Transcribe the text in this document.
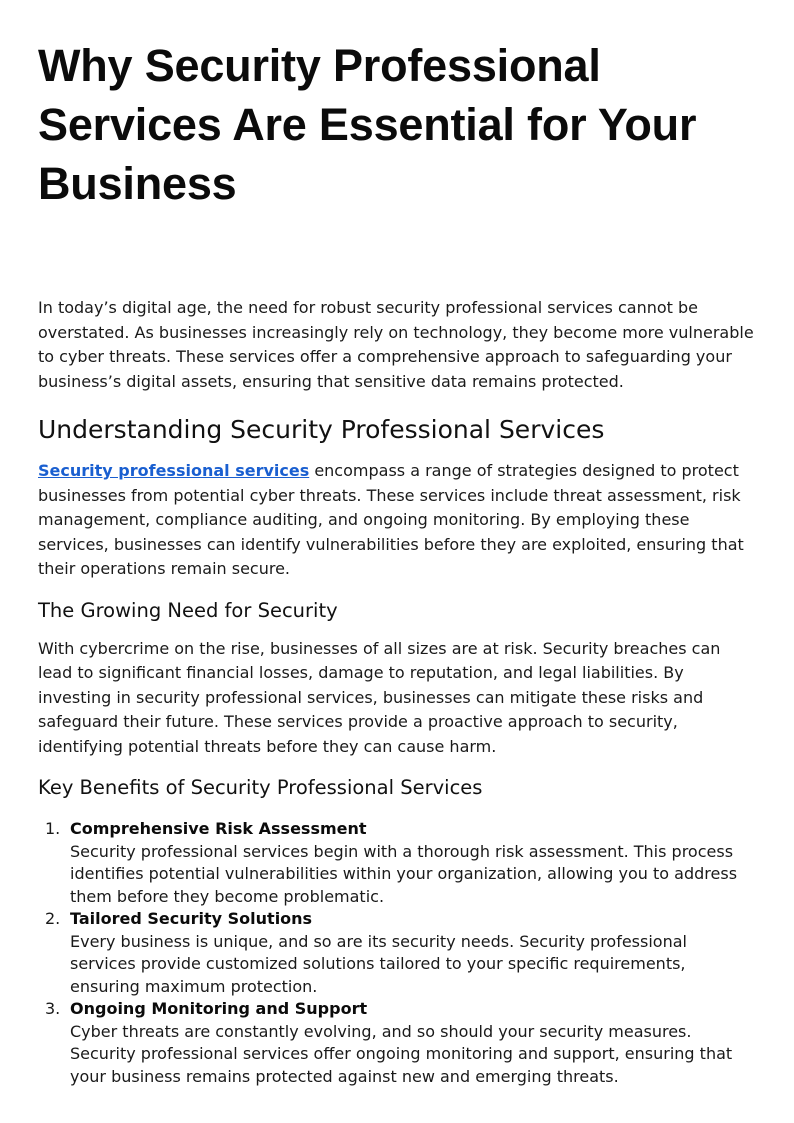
Why Security Professional Services Are Essential for Your Business

In today’s digital age, the need for robust security professional services cannot be overstated. As businesses increasingly rely on technology, they become more vulnerable to cyber threats. These services offer a comprehensive approach to safeguarding your business’s digital assets, ensuring that sensitive data remains protected.

Understanding Security Professional Services

Security professional services encompass a range of strategies designed to protect businesses from potential cyber threats. These services include threat assessment, risk management, compliance auditing, and ongoing monitoring. By employing these services, businesses can identify vulnerabilities before they are exploited, ensuring that their operations remain secure.

The Growing Need for Security

With cybercrime on the rise, businesses of all sizes are at risk. Security breaches can lead to significant financial losses, damage to reputation, and legal liabilities. By investing in security professional services, businesses can mitigate these risks and safeguard their future. These services provide a proactive approach to security, identifying potential threats before they can cause harm.

Key Benefits of Security Professional Services
1. Comprehensive Risk Assessment
Security professional services begin with a thorough risk assessment. This process identifies potential vulnerabilities within your organization, allowing you to address them before they become problematic.
2. Tailored Security Solutions
Every business is unique, and so are its security needs. Security professional services provide customized solutions tailored to your specific requirements, ensuring maximum protection.
3. Ongoing Monitoring and Support
Cyber threats are constantly evolving, and so should your security measures. Security professional services offer ongoing monitoring and support, ensuring that your business remains protected against new and emerging threats.
